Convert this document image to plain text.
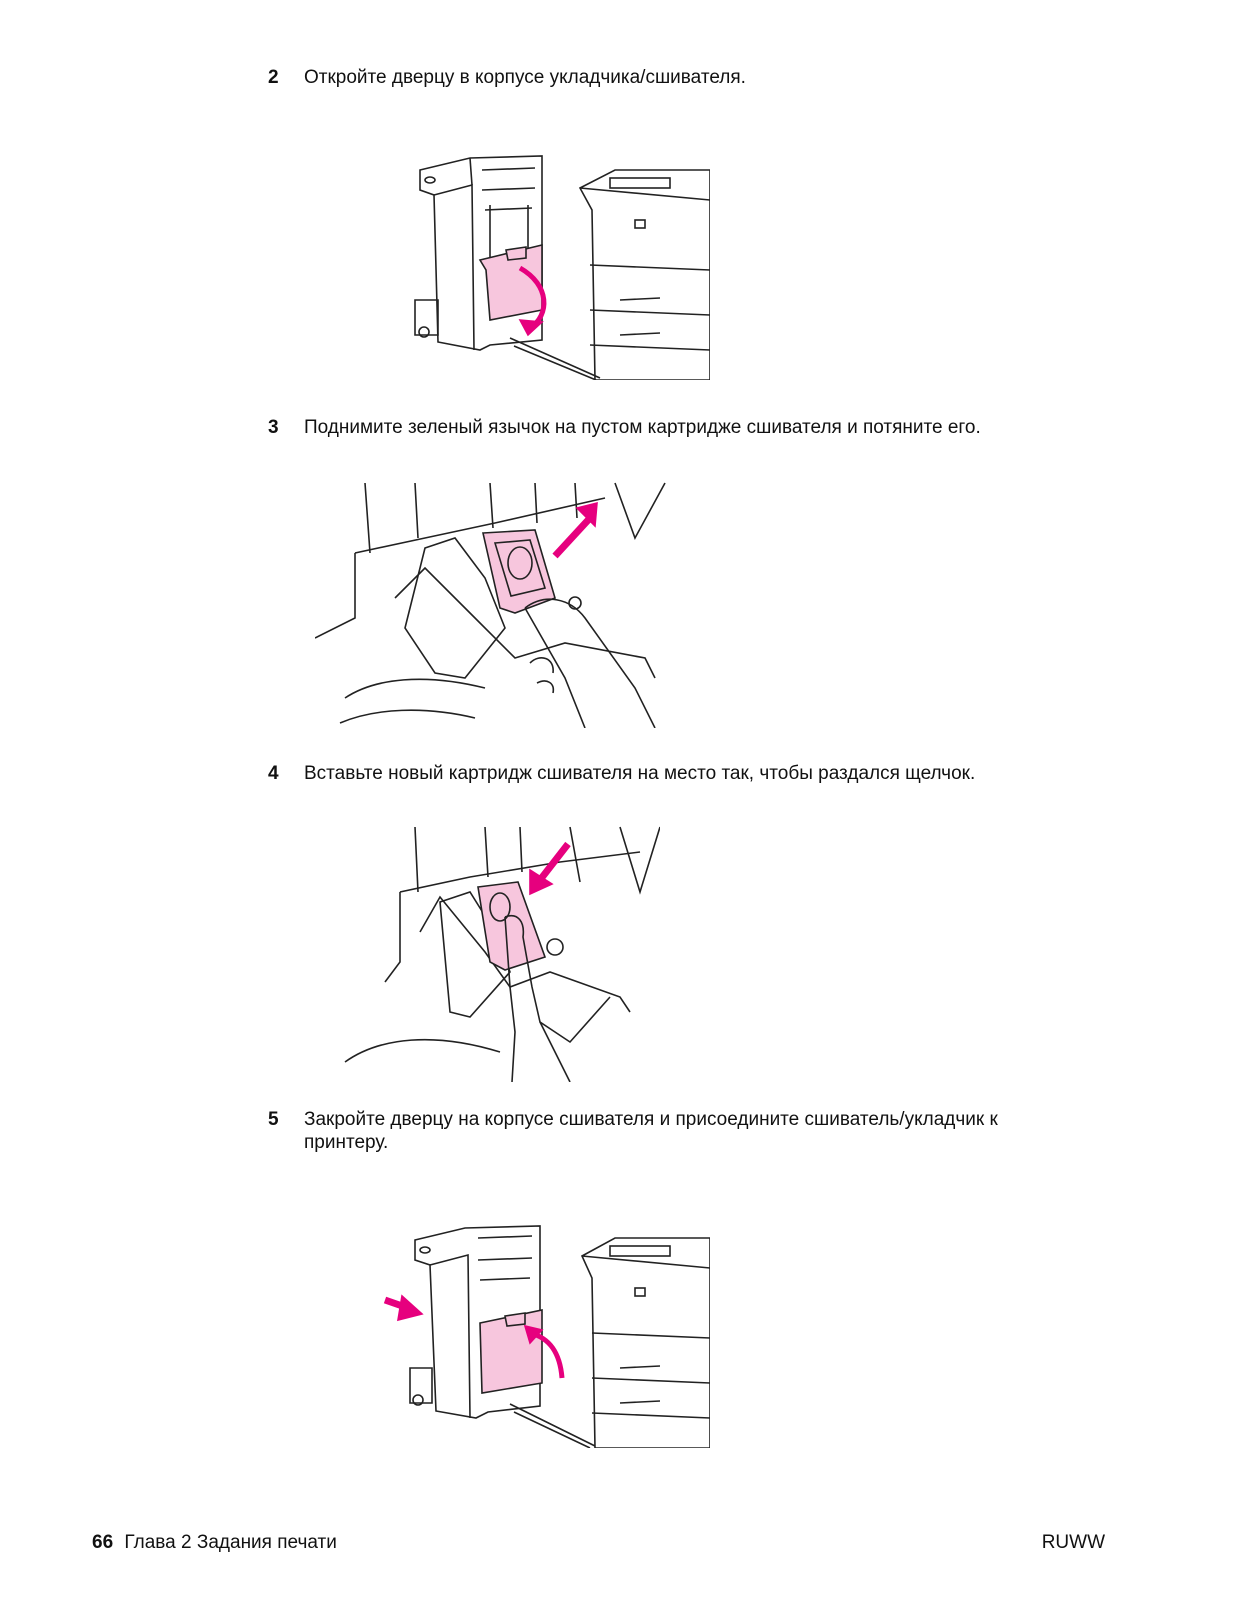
2 Откройте дверцу в корпусе укладчика/сшивателя.
3 Поднимите зеленый язычок на пустом картридже сшивателя и потяните его.
4 Вставьте новый картридж сшивателя на место так, чтобы раздался щелчок.
5 Закройте дверцу на корпусе сшивателя и присоедините сшиватель/укладчик к принтеру.
66 Глава 2 Задания печати	RUWW
